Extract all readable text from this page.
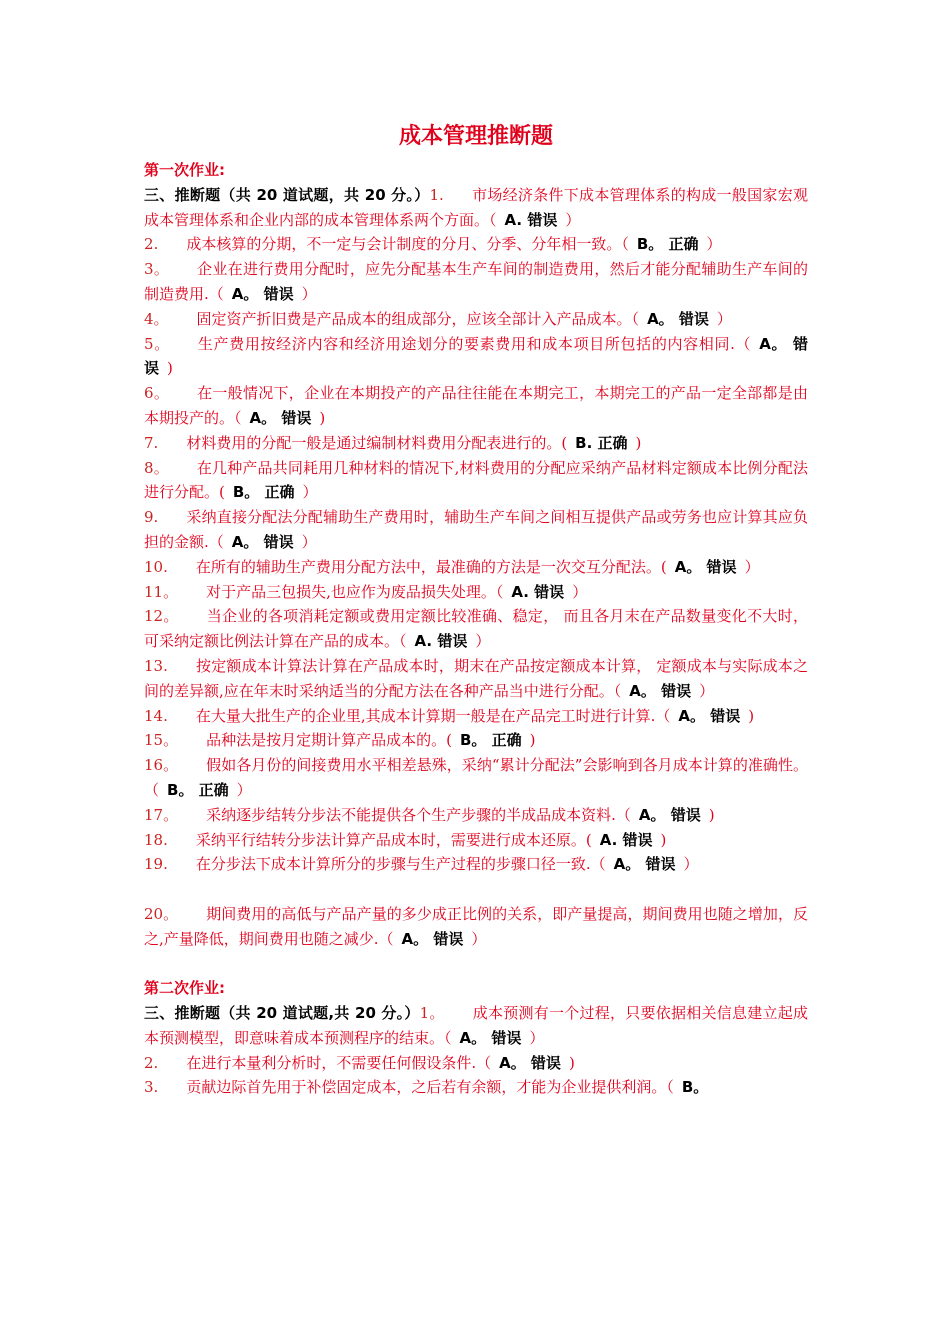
成本管理推断题
第一次作业:

三、推断题（共 20 道试题，共 20 分。）1. 市场经济条件下成本管理体系的构成一般国家宏观成本管理体系和企业内部的成本管理体系两个方面。（ A. 错误 ）

2. 成本核算的分期，不一定与会计制度的分月、分季、分年相一致。（ B。 正确 ）

3。 企业在进行费用分配时，应先分配基本生产车间的制造费用，然后才能分配辅助生产车间的制造费用.（ A。 错误 ）

4。 固定资产折旧费是产品成本的组成部分，应该全部计入产品成本。（ A。 错误 ）

5。 生产费用按经济内容和经济用途划分的要素费用和成本项目所包括的内容相同.（ A。 错误 )

6。 在一般情况下，企业在本期投产的产品往往能在本期完工，本期完工的产品一定全部都是由本期投产的。（ A。 错误 )

7. 材料费用的分配一般是通过编制材料费用分配表进行的。( B. 正确 )

8。 在几种产品共同耗用几种材料的情况下,材料费用的分配应采纳产品材料定额成本比例分配法进行分配。( B。 正确 ）

9. 采纳直接分配法分配辅助生产费用时，辅助生产车间之间相互提供产品或劳务也应计算其应负担的金额.（ A。 错误 ）

10. 在所有的辅助生产费用分配方法中，最准确的方法是一次交互分配法。( A。 错误 ）

11。 对于产品三包损失,也应作为废品损失处理。（ A. 错误 ）

12。 当企业的各项消耗定额或费用定额比较准确、稳定， 而且各月末在产品数量变化不大时，可采纳定额比例法计算在产品的成本。（ A. 错误 ）

13. 按定额成本计算法计算在产品成本时，期末在产品按定额成本计算， 定额成本与实际成本之间的差异额,应在年末时采纳适当的分配方法在各种产品当中进行分配。（ A。 错误 ）

14. 在大量大批生产的企业里,其成本计算期一般是在产品完工时进行计算.（ A。 错误 )

15。 品种法是按月定期计算产品成本的。( B。 正确 )

16。 假如各月份的间接费用水平相差悬殊，采纳“累计分配法”会影响到各月成本计算的准确性。（ B。 正确 ）

17。 采纳逐步结转分步法不能提供各个生产步骤的半成品成本资料.（ A。 错误 )

18. 采纳平行结转分步法计算产品成本时，需要进行成本还原。( A. 错误 )

19. 在分步法下成本计算所分的步骤与生产过程的步骤口径一致.（ A。 错误 ）

20。 期间费用的高低与产品产量的多少成正比例的关系，即产量提高，期间费用也随之增加，反之,产量降低，期间费用也随之减少.（ A。 错误 ）

第二次作业:

三、推断题（共 20 道试题,共 20 分。）1。 成本预测有一个过程，只要依据相关信息建立起成本预测模型，即意味着成本预测程序的结束。（ A。 错误 ）

2. 在进行本量利分析时，不需要任何假设条件.（ A。 错误 )

3. 贡献边际首先用于补偿固定成本，之后若有余额，才能为企业提供利润。（ B。
